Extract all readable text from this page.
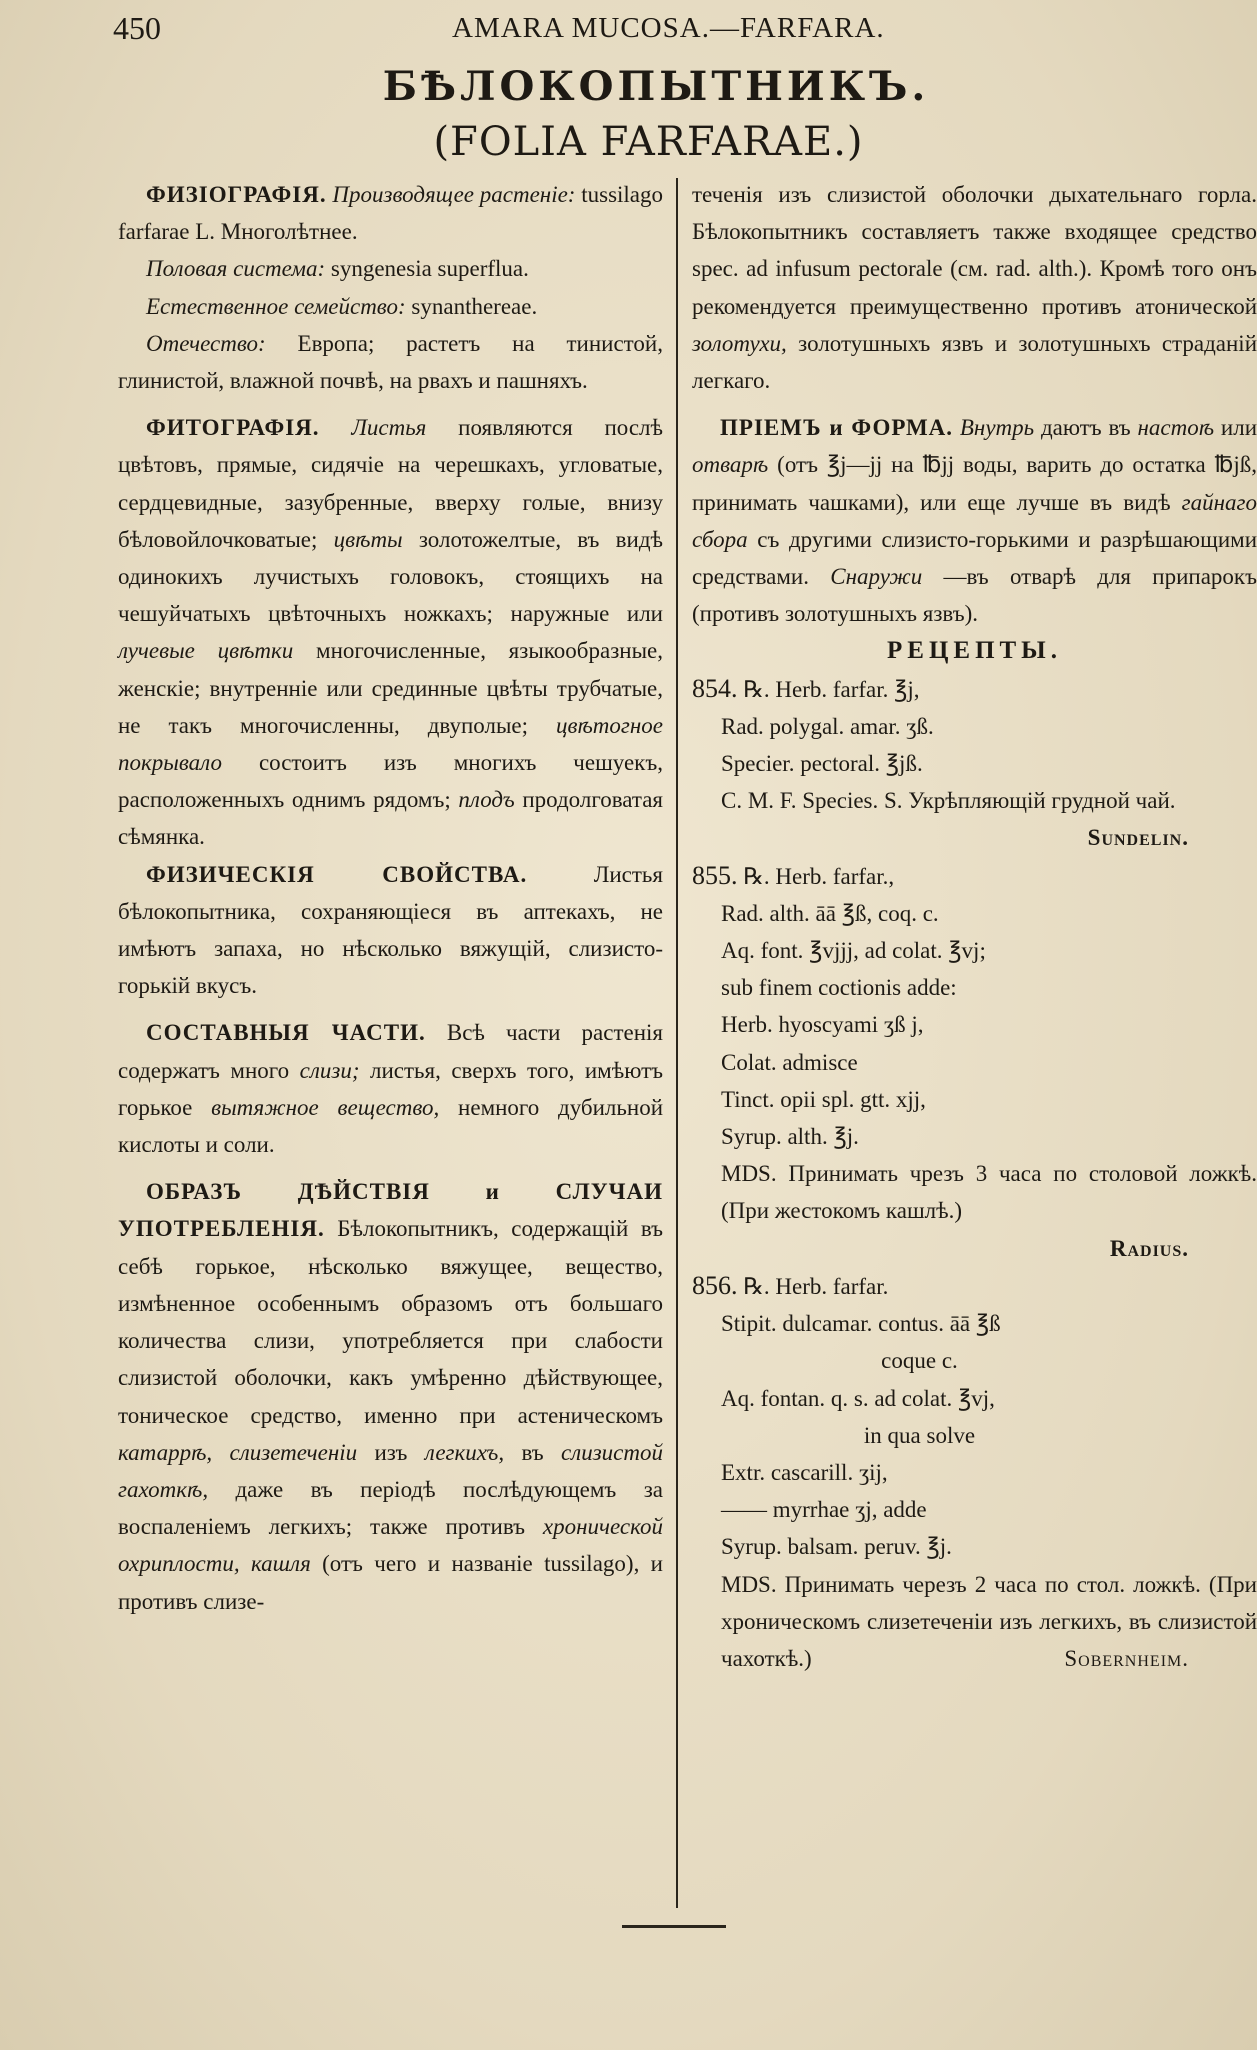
450	AMARA MUCOSA.—FARFARA.
БѢЛОКОПЫТНИКЪ.
(FOLIA FARFARAE.)

ФИЗІОГРАФІЯ. Производящее растеніе: tussilago farfarae L. Многолѣтнее.

Половая система: syngenesia superflua.

Естественное семейство: synanthereae.

Отечество: Европа; растетъ на тинистой, глинистой, влажной почвѣ, на рвахъ и пашняхъ.

ФИТОГРАФІЯ. Листья появляются послѣ цвѣтовъ, прямые, сидячіе на черешкахъ, угловатые, сердцевидные, зазубренные, вверху голые, внизу бѣловойлочковатые; цвѣты золотожелтые, въ видѣ одинокихъ лучистыхъ головокъ, стоящихъ на чешуйчатыхъ цвѣточныхъ ножкахъ; наружные или лучевые цвѣтки многочисленные, языкообразные, женскіе; внутренніе или срединные цвѣты трубчатые, не такъ многочисленны, двуполые; цвѣтогное покрывало состоитъ изъ многихъ чешуекъ, расположенныхъ однимъ рядомъ; плодъ продолговатая сѣмянка.

ФИЗИЧЕСКІЯ СВОЙСТВА.	Листья бѣлокопытника, сохраняющіеся въ аптекахъ, не имѣютъ запаха, но нѣсколько вяжущій, слизисто-горькій вкусъ.

СОСТАВНЫЯ ЧАСТИ. Всѣ части растенія содержатъ много слизи; листья, сверхъ того, имѣютъ горькое вытяжное вещество, немного дубильной кислоты и соли.

ОБРАЗЪ ДѢЙСТВІЯ и СЛУЧАИ УПОТРЕБЛЕНІЯ. Бѣлокопытникъ, содержащій въ себѣ горькое, нѣсколько вяжущее, вещество, измѣненное особеннымъ образомъ отъ большаго количества слизи, употребляется при слабости слизистой оболочки, какъ умѣренно дѣйствующее, тоническое средство, именно при астеническомъ катаррѣ, слизетеченіи изъ легкихъ, въ слизистой гахоткѣ, даже въ періодѣ послѣдующемъ за воспаленіемъ легкихъ; также противъ хронической охриплости, кашля (отъ чего и названіе tussilago), и противъ слизе-

теченія изъ слизистой оболочки дыхательнаго горла. Бѣлокопытникъ составляетъ также входящее средство spec. ad infusum pectorale (см. rad. alth.). Кромѣ того онъ рекомендуется преимущественно противъ атонической золотухи, золотушныхъ язвъ и золотушныхъ страданій легкаго.

ПРІЕМЪ и ФОРМА. Внутрь даютъ въ настоѣ или отварѣ (отъ ℥j—jj на ℔jj воды, варить до остатка ℔jß, принимать чашками), или еще лучше въ видѣ гайнаго сбора съ другими слизисто-горькими и разрѣшающими средствами. Снаружи —въ отварѣ для припарокъ (противъ золотушныхъ язвъ).

РЕЦЕПТЫ.

854. ℞. Herb. farfar. ℥j,

Rad. polygal. amar. ʒß.

Specier. pectoral. ℥jß.

C. M. F. Species. S. Укрѣпляющій грудной чай.

Sundelin.

855. ℞. Herb. farfar.,

Rad. alth. āā ℥ß, coq. c.

Aq. font. ℥vjjj, ad colat. ℥vj;

sub finem coctionis adde:

Herb. hyoscyami ʒß j,

Colat. admisce

Tinct. opii spl. gtt. xjj,

Syrup. alth. ℥j.

MDS. Принимать чрезъ 3 часа по столовой ложкѣ. (При жестокомъ кашлѣ.)

Radius.

856. ℞. Herb. farfar.

Stipit. dulcamar. contus. āā ℥ß

coque c.

Aq. fontan. q. s. ad colat. ℥vj,

in qua solve

Extr. cascarill. ʒij,

—— myrrhae ʒj, adde

Syrup. balsam. peruv. ℥j.

MDS. Принимать черезъ 2 часа по стол. ложкѣ. (При хроническомъ слизетеченіи изъ легкихъ, въ слизистой чахоткѣ.)	Sobernheim.
